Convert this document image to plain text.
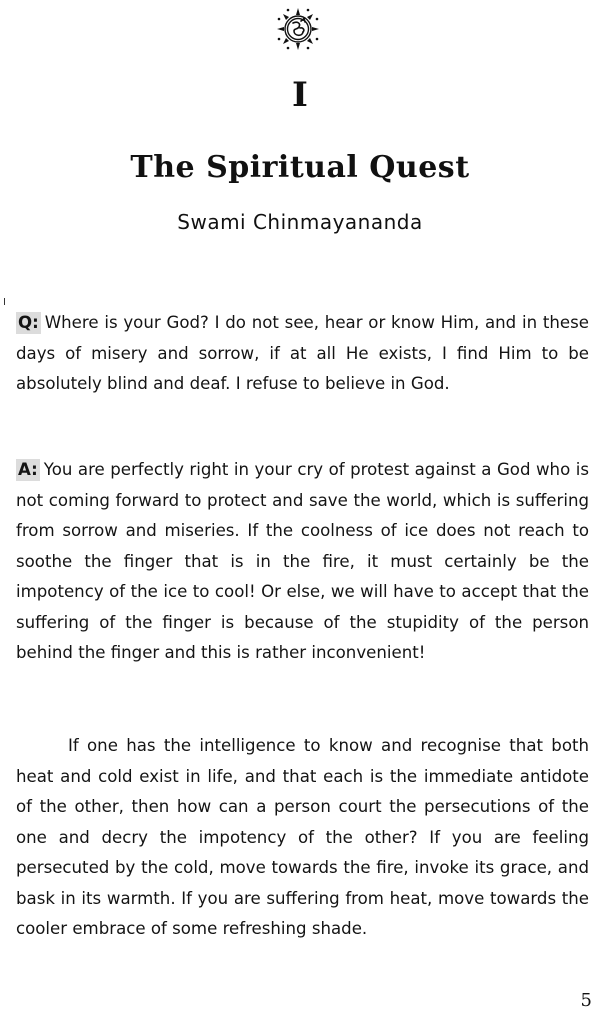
I
The Spiritual Quest
Swami Chinmayananda

Q: Where is your God? I do not see, hear or know Him, and in these days of misery and sorrow, if at all He exists, I find Him to be absolutely blind and deaf. I refuse to believe in God.

A: You are perfectly right in your cry of protest against a God who is not coming forward to protect and save the world, which is suffering from sorrow and miseries. If the coolness of ice does not reach to soothe the finger that is in the fire, it must certainly be the impotency of the ice to cool! Or else, we will have to accept that the suffering of the finger is because of the stupidity of the person behind the finger and this is rather inconvenient!

If one has the intelligence to know and recognise that both heat and cold exist in life, and that each is the immediate antidote of the other, then how can a person court the persecutions of the one and decry the impotency of the other? If you are feeling persecuted by the cold, move towards the fire, invoke its grace, and bask in its warmth. If you are suffering from heat, move towards the cooler embrace of some refreshing shade.

5
